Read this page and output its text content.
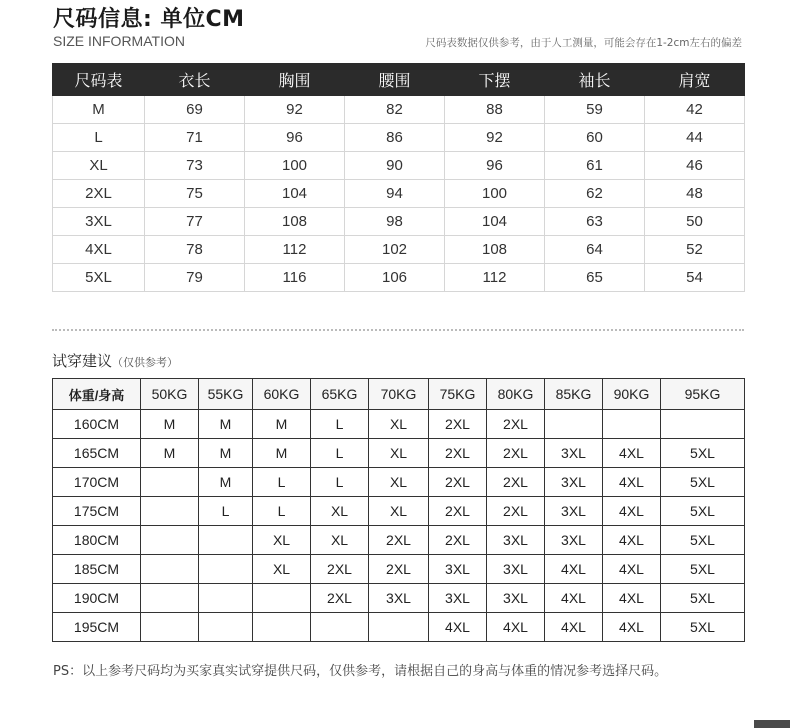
尺码信息: 单位CM
SIZE INFORMATION	尺码表数据仅供参考，由于人工测量，可能会存在1-2cm左右的偏差
尺码表	衣长	胸围	腰围	下摆	袖长	肩宽
M	69	92	82	88	59	42
L	71	96	86	92	60	44
XL	73	100	90	96	61	46
2XL	75	104	94	100	62	48
3XL	77	108	98	104	63	50
4XL	78	112	102	108	64	52
5XL	79	116	106	112	65	54
试穿建议（仅供参考）
体重/身高	50KG	55KG	60KG	65KG	70KG	75KG	80KG	85KG	90KG	95KG
160CM	M	M	M	L	XL	2XL	2XL			
165CM	M	M	M	L	XL	2XL	2XL	3XL	4XL	5XL
170CM		M	L	L	XL	2XL	2XL	3XL	4XL	5XL
175CM		L	L	XL	XL	2XL	2XL	3XL	4XL	5XL
180CM			XL	XL	2XL	2XL	3XL	3XL	4XL	5XL
185CM			XL	2XL	2XL	3XL	3XL	4XL	4XL	5XL
190CM				2XL	3XL	3XL	3XL	4XL	4XL	5XL
195CM						4XL	4XL	4XL	4XL	5XL
PS：以上参考尺码均为买家真实试穿提供尺码，仅供参考，请根据自己的身高与体重的情况参考选择尺码。
